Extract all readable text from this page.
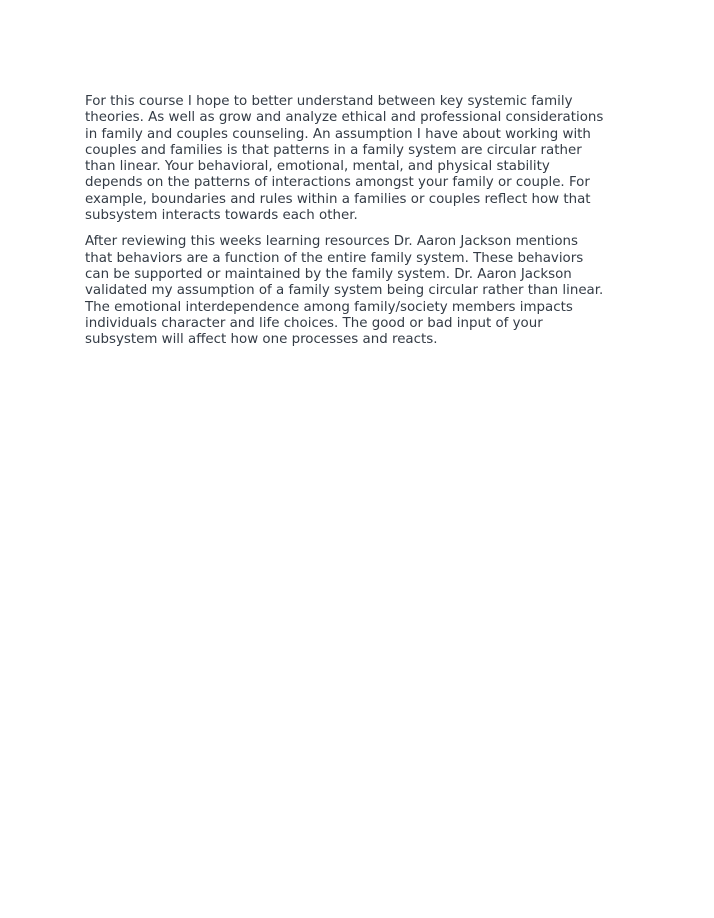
For this course I hope to better understand between key systemic family
theories. As well as grow and analyze ethical and professional considerations
in family and couples counseling. An assumption I have about working with
couples and families is that patterns in a family system are circular rather
than linear. Your behavioral, emotional, mental, and physical stability
depends on the patterns of interactions amongst your family or couple. For
example, boundaries and rules within a families or couples reflect how that
subsystem interacts towards each other.

After reviewing this weeks learning resources Dr. Aaron Jackson mentions
that behaviors are a function of the entire family system. These behaviors
can be supported or maintained by the family system. Dr. Aaron Jackson
validated my assumption of a family system being circular rather than linear.
The emotional interdependence among family/society members impacts
individuals character and life choices. The good or bad input of your
subsystem will affect how one processes and reacts.
